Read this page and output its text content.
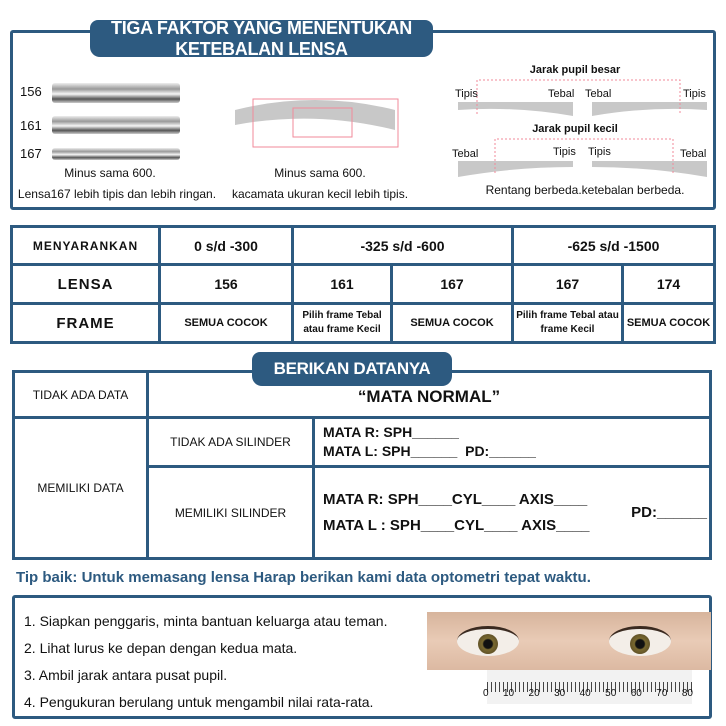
TIGA FAKTOR YANG MENENTUKAN KETEBALAN LENSA
156
161
167
Minus sama 600.
Lensa167 lebih tipis dan lebih ringan.
Minus sama 600.
kacamata ukuran kecil lebih tipis.
Jarak pupil besar
Tipis	Tebal Tebal	Tipis
Jarak pupil kecil
Tebal	Tipis Tipis	Tebal
Rentang berbeda.ketebalan berbeda.
MENYARANKAN	0 s/d -300	-325 s/d -600		-625 s/d -1500	
LENSA	156	161	167	167	174
FRAME	SEMUA COCOK	Pilih frame Tebal atau frame Kecil	SEMUA COCOK	Pilih frame Tebal atau frame Kecil	SEMUA COCOK
TIDAK ADA DATA	“MATA NORMAL”	
MEMILIKI DATA	TIDAK ADA SILINDER	MATA R: SPH______
MATA L: SPH______  PD:______

	MEMILIKI SILINDER	MATA R: SPH____CYL____ AXIS____
MATA L : SPH____CYL____ AXIS____
PD:______
BERIKAN DATANYA
Tip baik: Untuk memasang lensa Harap berikan kami data optometri tepat waktu.
1. Siapkan penggaris, minta bantuan keluarga atau teman.
2. Lihat lurus ke depan dengan kedua mata.
3. Ambil jarak antara pusat pupil.
4. Pengukuran berulang untuk mengambil nilai rata-rata.
0 10 20 30 40 50 60 70 80
